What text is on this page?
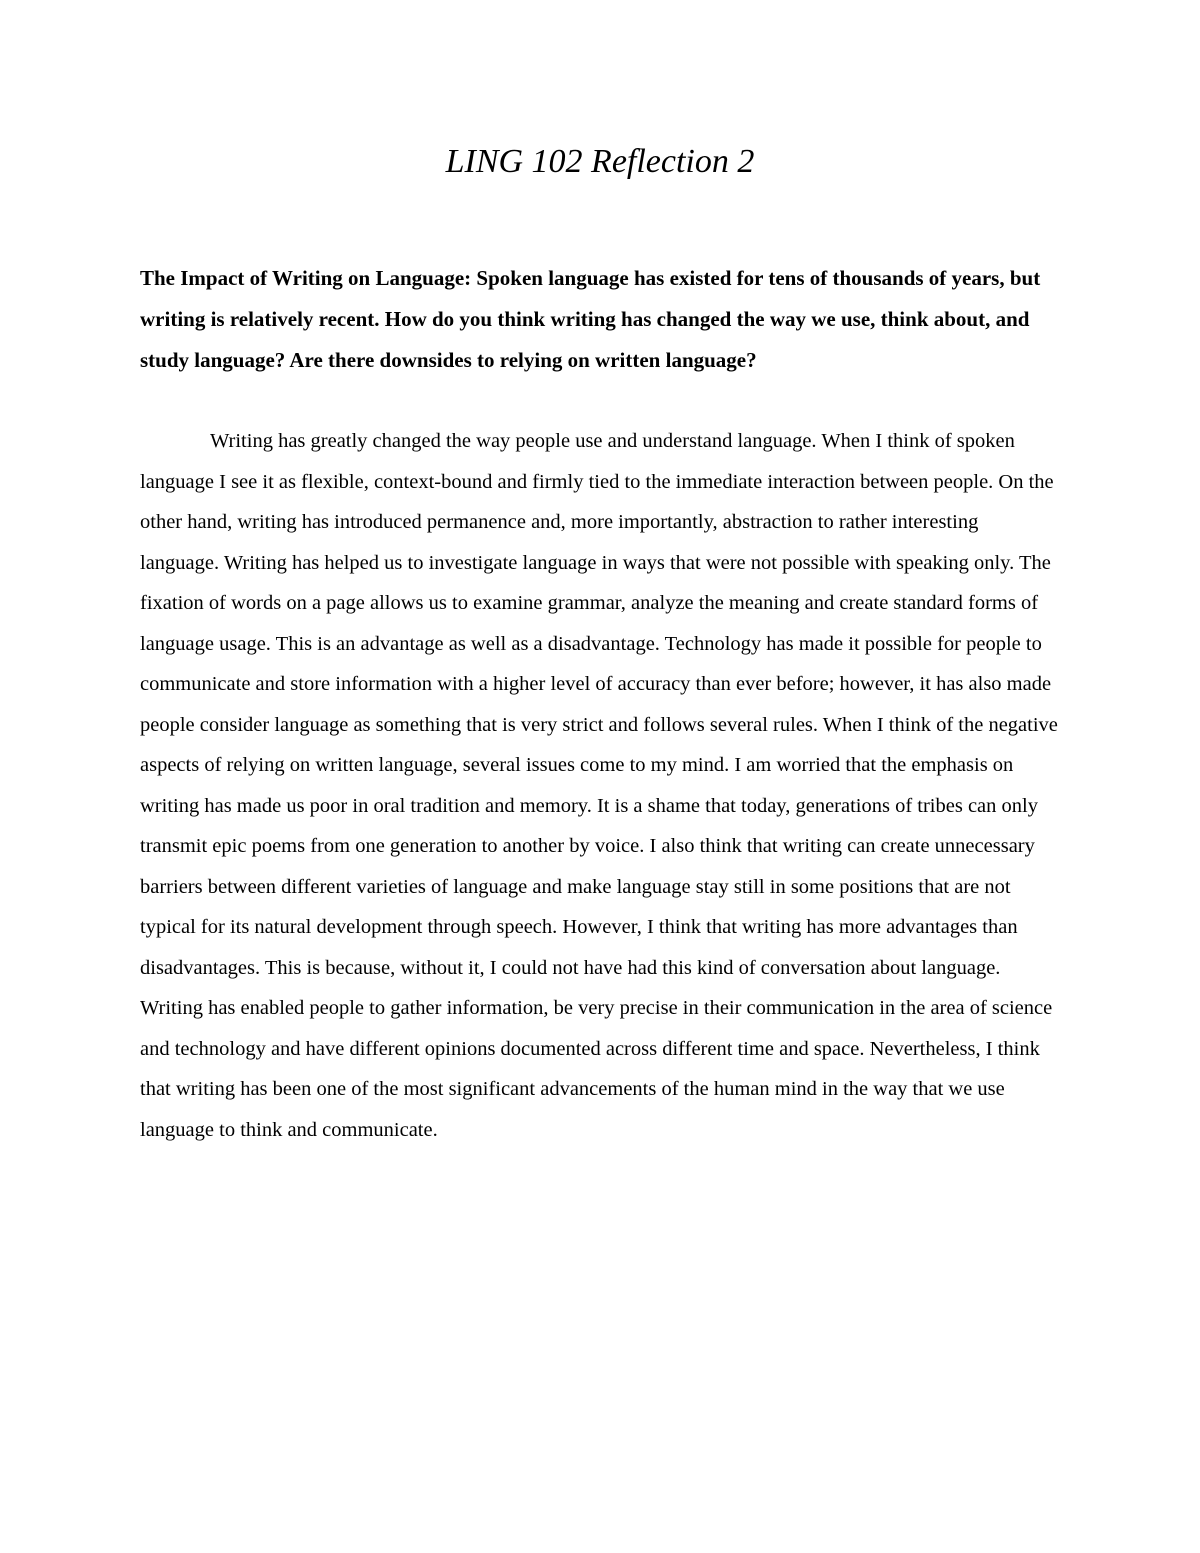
LING 102 Reflection 2

The Impact of Writing on Language: Spoken language has existed for tens of thousands of years, but writing is relatively recent. How do you think writing has changed the way we use, think about, and study language? Are there downsides to relying on written language?

Writing has greatly changed the way people use and understand language. When I think of spoken language I see it as flexible, context-bound and firmly tied to the immediate interaction between people. On the other hand, writing has introduced permanence and, more importantly, abstraction to rather interesting language. Writing has helped us to investigate language in ways that were not possible with speaking only. The fixation of words on a page allows us to examine grammar, analyze the meaning and create standard forms of language usage. This is an advantage as well as a disadvantage. Technology has made it possible for people to communicate and store information with a higher level of accuracy than ever before; however, it has also made people consider language as something that is very strict and follows several rules. When I think of the negative aspects of relying on written language, several issues come to my mind. I am worried that the emphasis on writing has made us poor in oral tradition and memory. It is a shame that today, generations of tribes can only transmit epic poems from one generation to another by voice. I also think that writing can create unnecessary barriers between different varieties of language and make language stay still in some positions that are not typical for its natural development through speech. However, I think that writing has more advantages than disadvantages. This is because, without it, I could not have had this kind of conversation about language. Writing has enabled people to gather information, be very precise in their communication in the area of science and technology and have different opinions documented across different time and space. Nevertheless, I think that writing has been one of the most significant advancements of the human mind in the way that we use language to think and communicate.
